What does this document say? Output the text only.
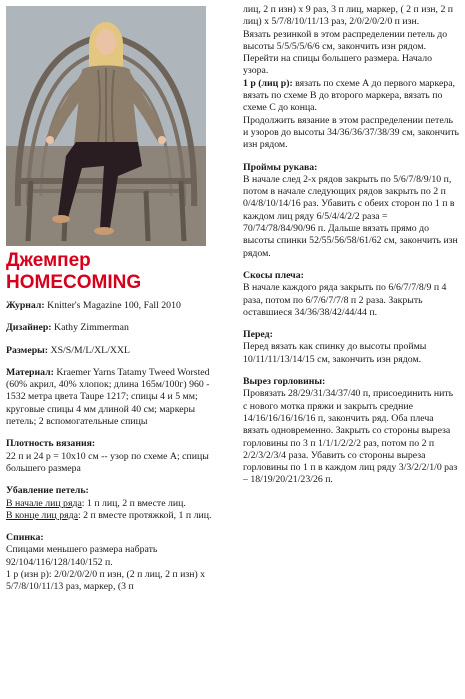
Джемпер

HOMECOMING

Журнал: Knitter's Magazine 100, Fall 2010

Дизайнер: Kathy Zimmerman

Размеры: XS/S/M/L/XL/XXL

Материал: Kraemer Yarns Tatamy Tweed Worsted (60% акрил, 40% хлопок; длина 165м/100г) 960 - 1532 метра цвета Taupe 1217; спицы 4 и 5 мм; круговые спицы 4 мм длиной 40 см; маркеры петель; 2 вспомогательные спицы

Плотность вязания:

22 п и 24 р = 10х10 см -- узор по схеме А; спицы большего размера

Убавление петель:

В начале лиц ряда: 1 п лиц, 2 п вместе лиц.

В конце лиц ряда: 2 п вместе протяжкой, 1 п лиц.

Спинка:

Спицами меньшего размера набрать 92/104/116/128/140/152 п.

1 р (изн р): 2/0/2/0/2/0 п изн, (2 п лиц, 2 п изн) х 5/7/8/10/11/13 раз, маркер, (3 п

лиц, 2 п изн) х 9 раз, 3 п лиц, маркер, ( 2 п изн, 2 п лиц) х 5/7/8/10/11/13 раз, 2/0/2/0/2/0 п изн.

Вязать резинкой в этом распределении петель до высоты 5/5/5/5/6/6 см, закончить изн рядом.

Перейти на спицы большего размера. Начало узора.

1 р (лиц р): вязать по схеме А до первого маркера, вязать по схеме В до второго маркера, вязать по схеме С до конца.

Продолжить вязание в этом распределении петель и узоров до высоты 34/36/36/37/38/39 см, закончить изн рядом.

Проймы рукава:

В начале след 2-х рядов закрыть по 5/6/7/8/9/10 п, потом в начале следующих рядов закрыть по 2 п 0/4/8/10/14/16 раз. Убавить с обеих сторон по 1 п в каждом лиц ряду 6/5/4/4/2/2 раза = 70/74/78/84/90/96 п. Дальше вязать прямо до высоты спинки 52/55/56/58/61/62 см, закончить изн рядом.

Скосы плеча:

В начале каждого ряда закрыть по 6/6/7/7/8/9 п 4 раза, потом по 6/7/6/7/7/8 п 2 раза. Закрыть оставшиеся 34/36/38/42/44/44 п.

Перед:

Перед вязать как спинку до высоты проймы 10/11/11/13/14/15 см, закончить изн рядом.

Вырез горловины:

Провязать 28/29/31/34/37/40 п, присоединить нить с нового мотка пряжи и закрыть средние 14/16/16/16/16/16 п, закончить ряд. Оба плеча вязать одновременно. Закрыть со стороны выреза горловины по 3 п 1/1/1/2/2/2 раз, потом по 2 п 2/2/3/2/3/4 раза. Убавить со стороны выреза горловины по 1 п в каждом лиц ряду 3/3/2/2/1/0 раз – 18/19/20/21/23/26 п.
